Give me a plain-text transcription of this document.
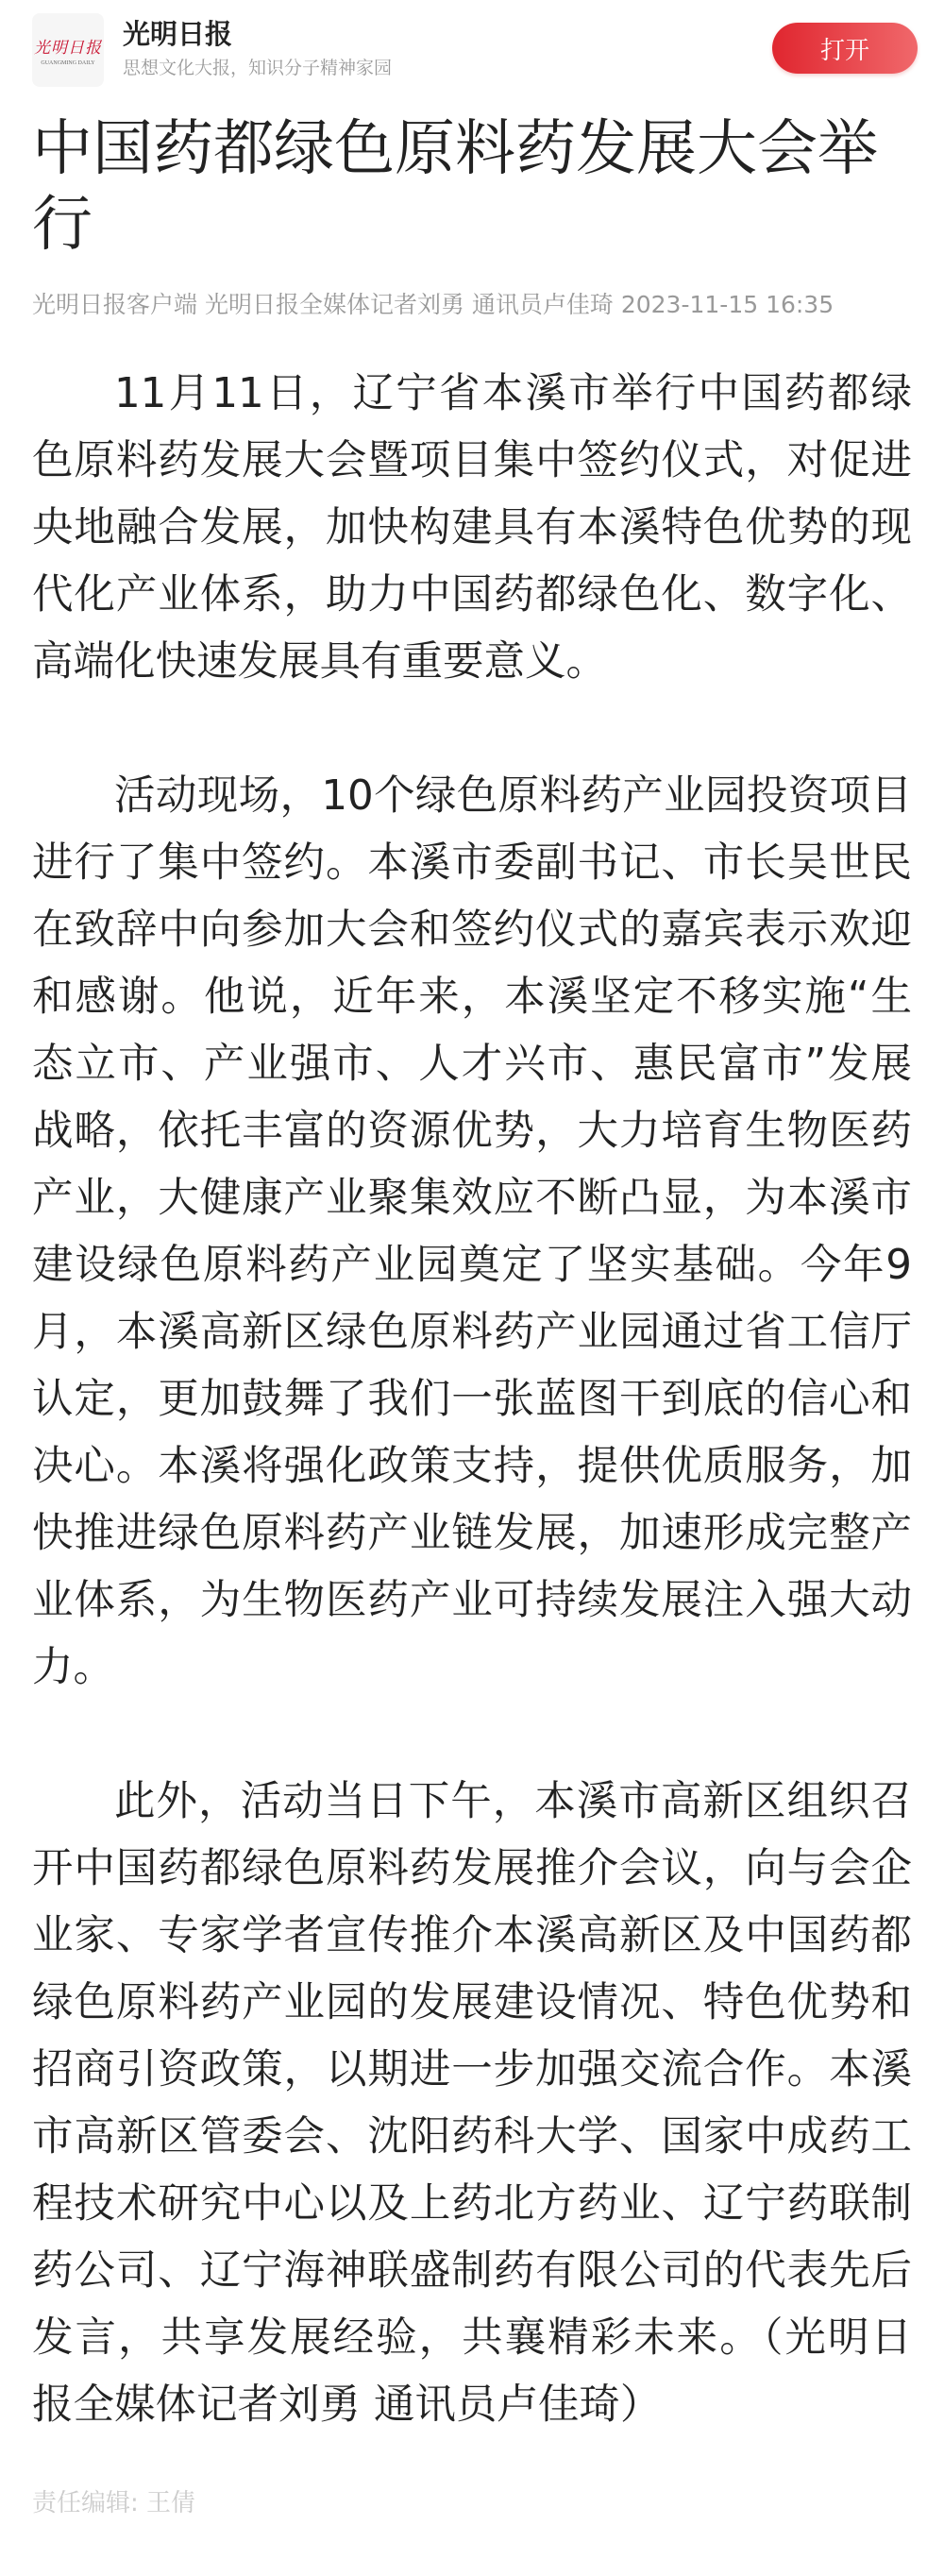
光明日报
GUANGMING DAILY
光明日报
思想文化大报，知识分子精神家园
打开
中国药都绿色原料药发展大会举行
光明日报客户端 光明日报全媒体记者刘勇 通讯员卢佳琦 2023-11-15 16:35

11月11日，辽宁省本溪市举行中国药都绿色原料药发展大会暨项目集中签约仪式，对促进央地融合发展，加快构建具有本溪特色优势的现代化产业体系，助力中国药都绿色化、数字化、高端化快速发展具有重要意义。

活动现场，10个绿色原料药产业园投资项目进行了集中签约。本溪市委副书记、市长吴世民在致辞中向参加大会和签约仪式的嘉宾表示欢迎和感谢。他说，近年来，本溪坚定不移实施“生态立市、产业强市、人才兴市、惠民富市”发展战略，依托丰富的资源优势，大力培育生物医药产业，大健康产业聚集效应不断凸显，为本溪市建设绿色原料药产业园奠定了坚实基础。今年9月，本溪高新区绿色原料药产业园通过省工信厅认定，更加鼓舞了我们一张蓝图干到底的信心和决心。本溪将强化政策支持，提供优质服务，加快推进绿色原料药产业链发展，加速形成完整产业体系，为生物医药产业可持续发展注入强大动力。

此外，活动当日下午，本溪市高新区组织召开中国药都绿色原料药发展推介会议，向与会企业家、专家学者宣传推介本溪高新区及中国药都绿色原料药产业园的发展建设情况、特色优势和招商引资政策，以期进一步加强交流合作。本溪市高新区管委会、沈阳药科大学、国家中成药工程技术研究中心以及上药北方药业、辽宁药联制药公司、辽宁海神联盛制药有限公司的代表先后发言，共享发展经验，共襄精彩未来。（光明日报全媒体记者刘勇 通讯员卢佳琦）

责任编辑: 王倩
